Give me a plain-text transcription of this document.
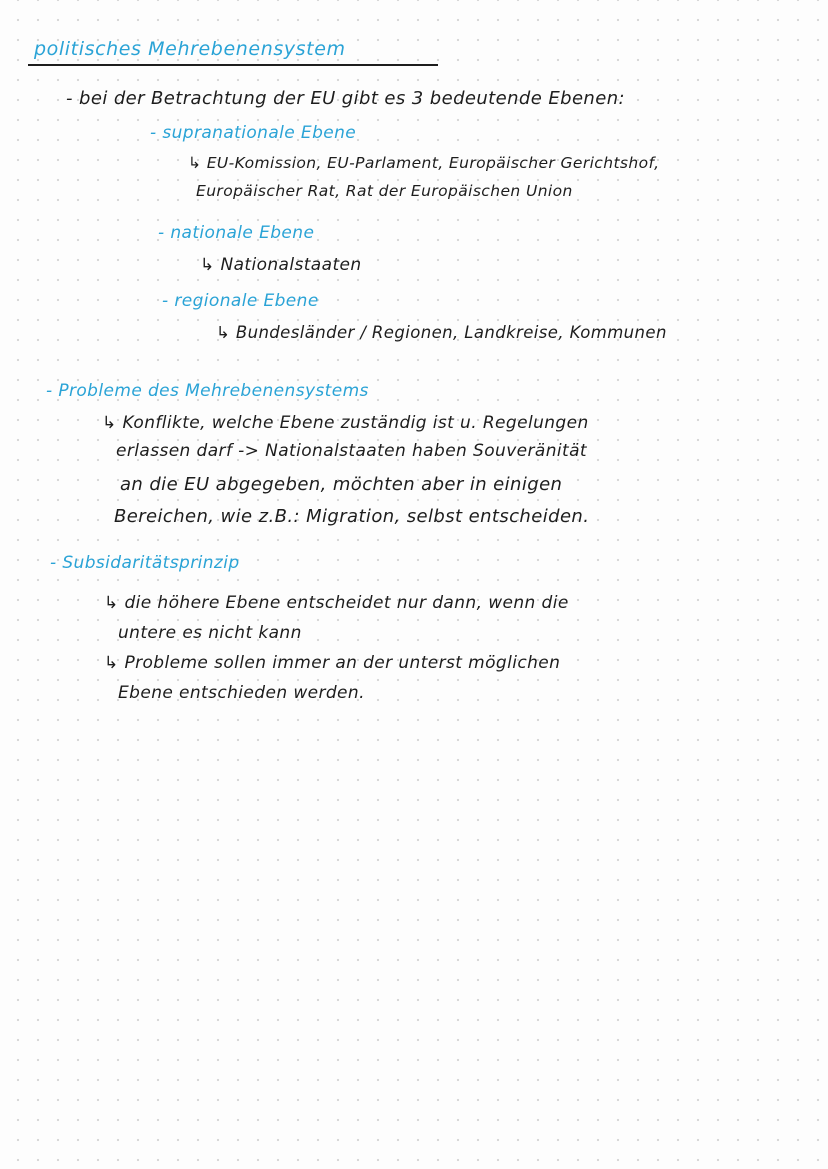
politisches Mehrebenensystem
- bei der Betrachtung der EU gibt es 3 bedeutende Ebenen:
- supranationale Ebene
↳ EU-Komission, EU-Parlament, Europäischer Gerichtshof,
Europäischer Rat, Rat der Europäischen Union
- nationale Ebene
↳ Nationalstaaten
- regionale Ebene
↳ Bundesländer / Regionen, Landkreise, Kommunen
- Probleme des Mehrebenensystems
↳ Konflikte, welche Ebene zuständig ist u. Regelungen
erlassen darf -> Nationalstaaten haben Souveränität
an die EU abgegeben, möchten aber in einigen
Bereichen, wie z.B.: Migration, selbst entscheiden.
- Subsidaritätsprinzip
↳ die höhere Ebene entscheidet nur dann, wenn die
untere es nicht kann
↳ Probleme sollen immer an der unterst möglichen
Ebene entschieden werden.
